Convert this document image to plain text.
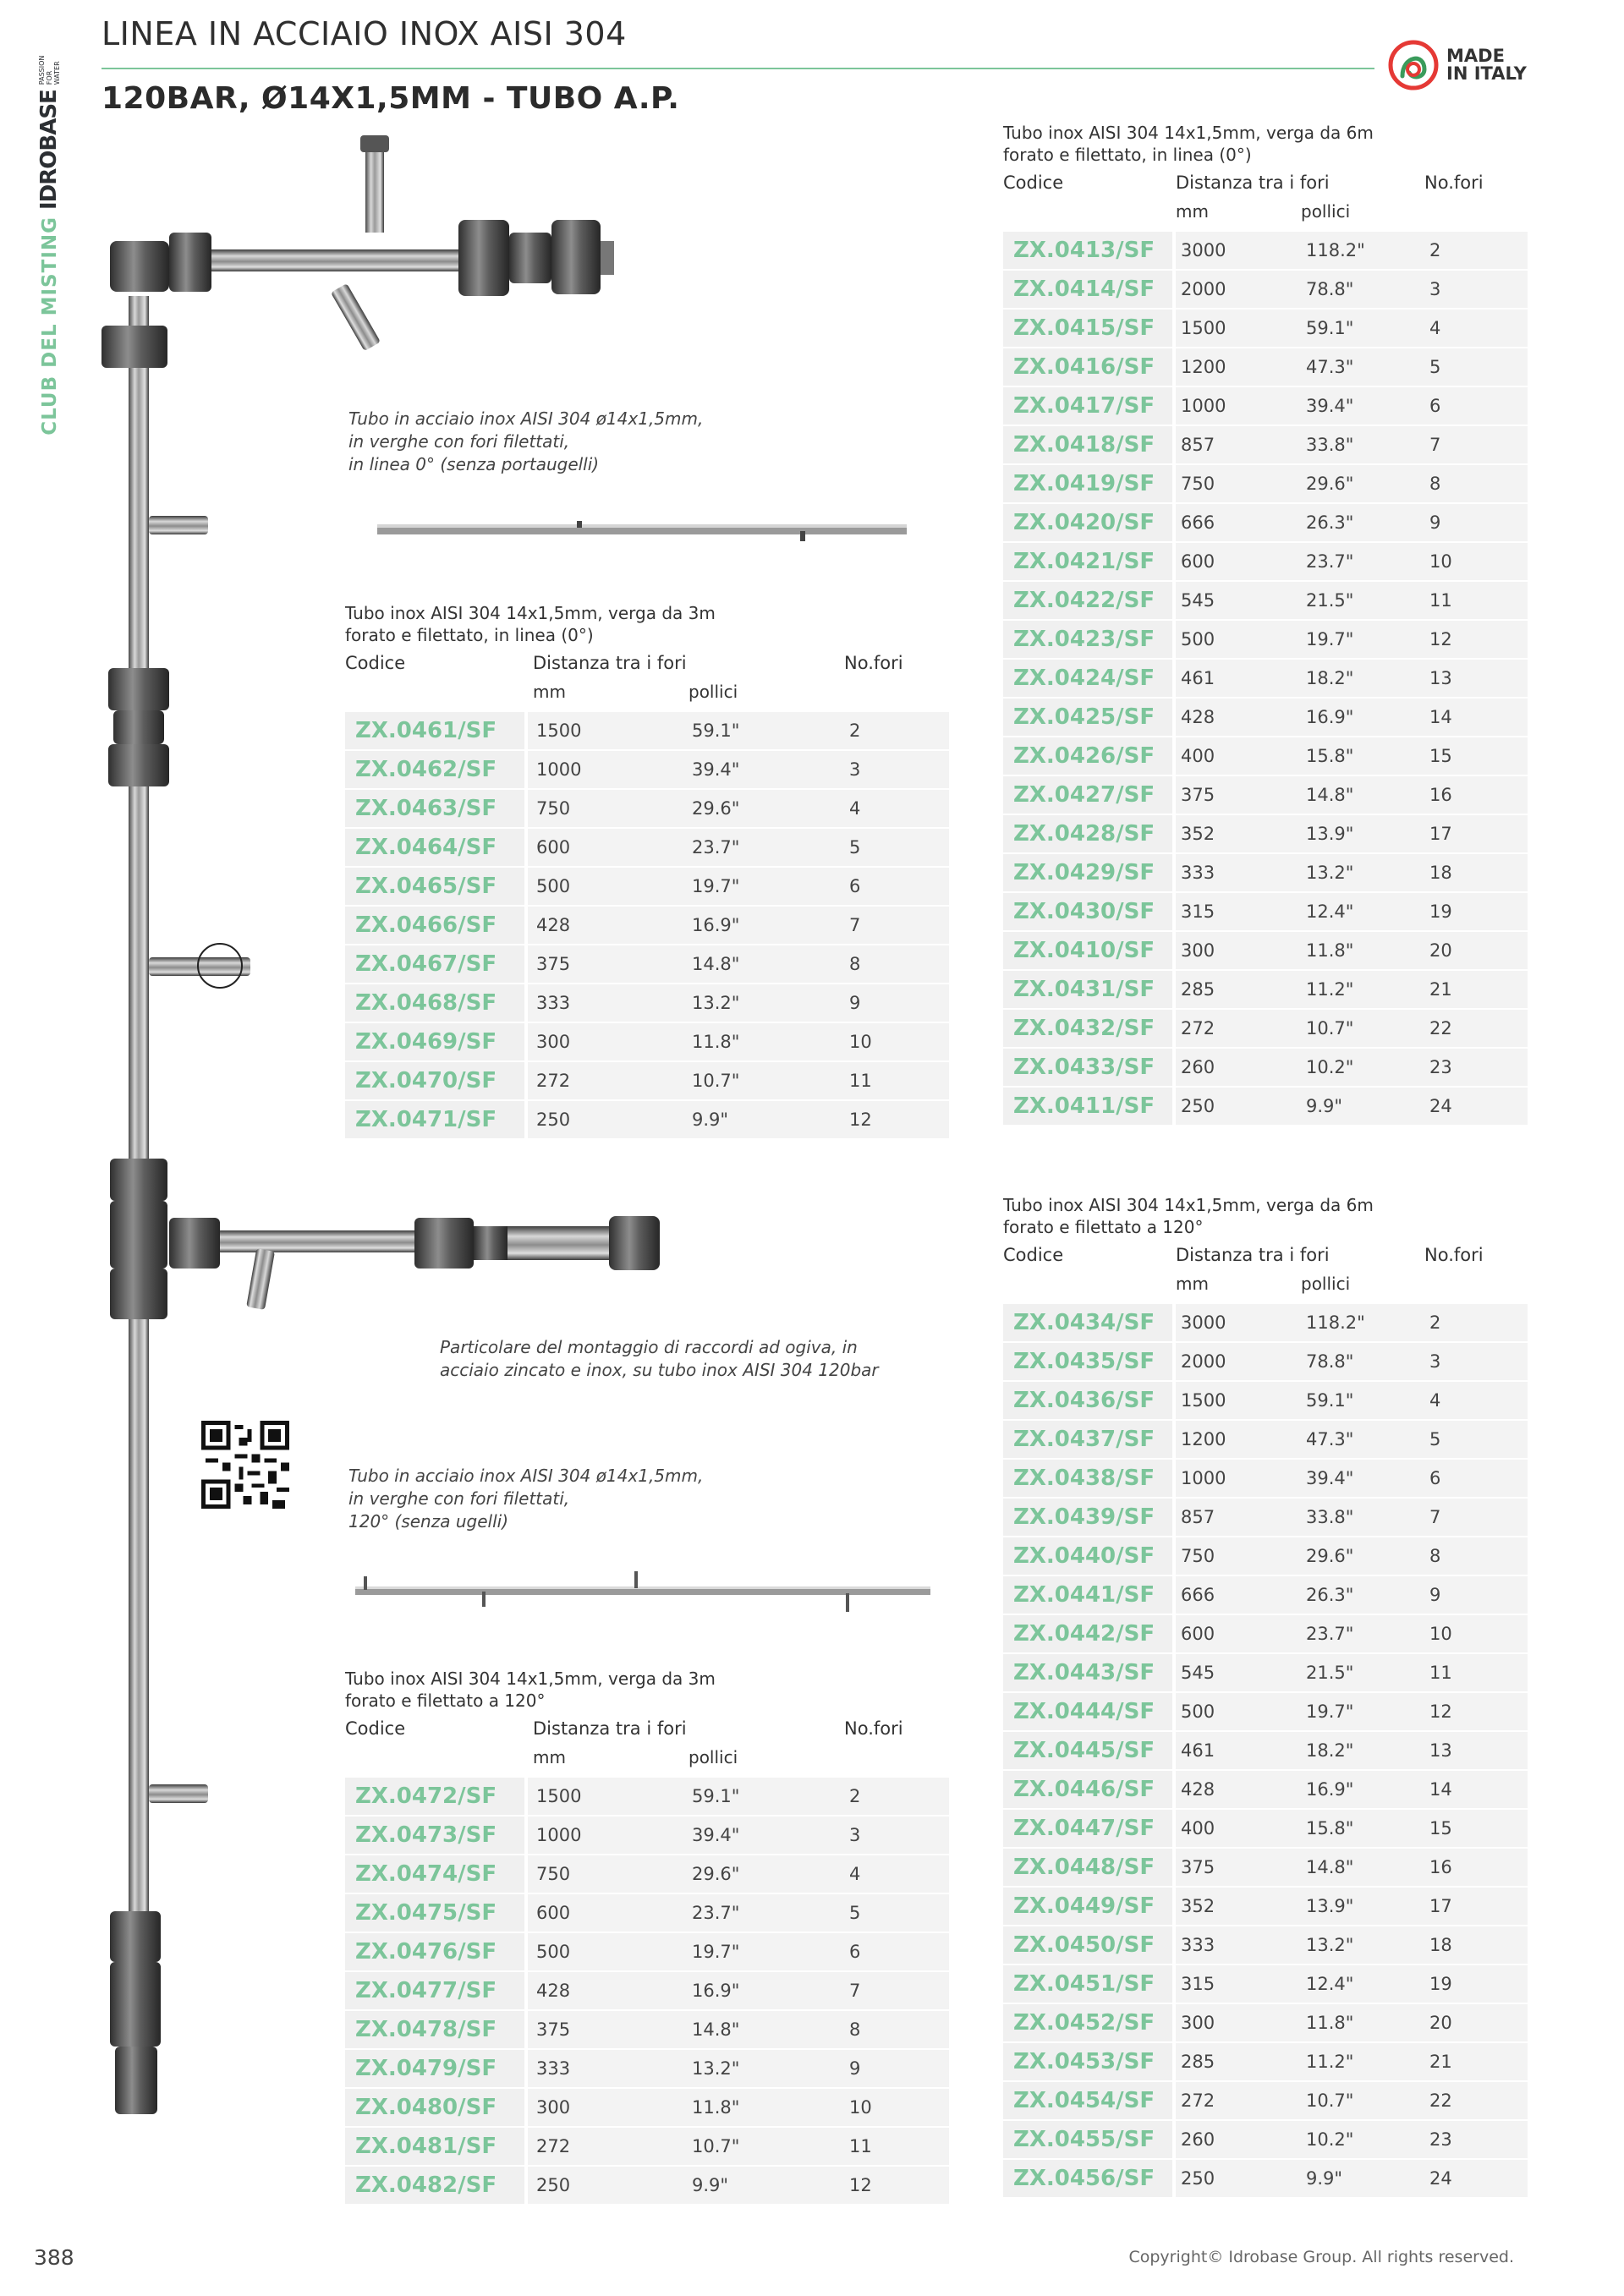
IDROBASE
PASSION FOR WATER
CLUB DEL MISTING
LINEA IN ACCIAIO INOX AISI 304
120BAR, Ø14X1,5MM - TUBO A.P.
MADE
IN ITALY
Tubo in acciaio inox AISI 304 ø14x1,5mm,
in verghe con fori filettati,
in linea 0° (senza portaugelli)
Particolare del montaggio di raccordi ad ogiva, in
acciaio zincato e inox, su tubo inox AISI 304 120bar
Tubo in acciaio inox AISI 304 ø14x1,5mm,
in verghe con fori filettati,
120° (senza ugelli)
Tubo inox AISI 304 14x1,5mm, verga da 3m
forato e filettato, in linea (0°)
Codice	Distanza tra i fori	No.fori
mm	pollici
ZX.0461/SF	1500	59.1"	2
ZX.0462/SF	1000	39.4"	3
ZX.0463/SF	750	29.6"	4
ZX.0464/SF	600	23.7"	5
ZX.0465/SF	500	19.7"	6
ZX.0466/SF	428	16.9"	7
ZX.0467/SF	375	14.8"	8
ZX.0468/SF	333	13.2"	9
ZX.0469/SF	300	11.8"	10
ZX.0470/SF	272	10.7"	11
ZX.0471/SF	250	9.9"	12
Tubo inox AISI 304 14x1,5mm, verga da 3m
forato e filettato a 120°
Codice	Distanza tra i fori	No.fori
mm	pollici
ZX.0472/SF	1500	59.1"	2
ZX.0473/SF	1000	39.4"	3
ZX.0474/SF	750	29.6"	4
ZX.0475/SF	600	23.7"	5
ZX.0476/SF	500	19.7"	6
ZX.0477/SF	428	16.9"	7
ZX.0478/SF	375	14.8"	8
ZX.0479/SF	333	13.2"	9
ZX.0480/SF	300	11.8"	10
ZX.0481/SF	272	10.7"	11
ZX.0482/SF	250	9.9"	12
Tubo inox AISI 304 14x1,5mm, verga da 6m
forato e filettato, in linea (0°)
Codice	Distanza tra i fori	No.fori
mm	pollici
ZX.0413/SF	3000	118.2"	2
ZX.0414/SF	2000	78.8"	3
ZX.0415/SF	1500	59.1"	4
ZX.0416/SF	1200	47.3"	5
ZX.0417/SF	1000	39.4"	6
ZX.0418/SF	857	33.8"	7
ZX.0419/SF	750	29.6"	8
ZX.0420/SF	666	26.3"	9
ZX.0421/SF	600	23.7"	10
ZX.0422/SF	545	21.5"	11
ZX.0423/SF	500	19.7"	12
ZX.0424/SF	461	18.2"	13
ZX.0425/SF	428	16.9"	14
ZX.0426/SF	400	15.8"	15
ZX.0427/SF	375	14.8"	16
ZX.0428/SF	352	13.9"	17
ZX.0429/SF	333	13.2"	18
ZX.0430/SF	315	12.4"	19
ZX.0410/SF	300	11.8"	20
ZX.0431/SF	285	11.2"	21
ZX.0432/SF	272	10.7"	22
ZX.0433/SF	260	10.2"	23
ZX.0411/SF	250	9.9"	24
Tubo inox AISI 304 14x1,5mm, verga da 6m
forato e filettato a 120°
Codice	Distanza tra i fori	No.fori
mm	pollici
ZX.0434/SF	3000	118.2"	2
ZX.0435/SF	2000	78.8"	3
ZX.0436/SF	1500	59.1"	4
ZX.0437/SF	1200	47.3"	5
ZX.0438/SF	1000	39.4"	6
ZX.0439/SF	857	33.8"	7
ZX.0440/SF	750	29.6"	8
ZX.0441/SF	666	26.3"	9
ZX.0442/SF	600	23.7"	10
ZX.0443/SF	545	21.5"	11
ZX.0444/SF	500	19.7"	12
ZX.0445/SF	461	18.2"	13
ZX.0446/SF	428	16.9"	14
ZX.0447/SF	400	15.8"	15
ZX.0448/SF	375	14.8"	16
ZX.0449/SF	352	13.9"	17
ZX.0450/SF	333	13.2"	18
ZX.0451/SF	315	12.4"	19
ZX.0452/SF	300	11.8"	20
ZX.0453/SF	285	11.2"	21
ZX.0454/SF	272	10.7"	22
ZX.0455/SF	260	10.2"	23
ZX.0456/SF	250	9.9"	24
388	Copyright© Idrobase Group. All rights reserved.
